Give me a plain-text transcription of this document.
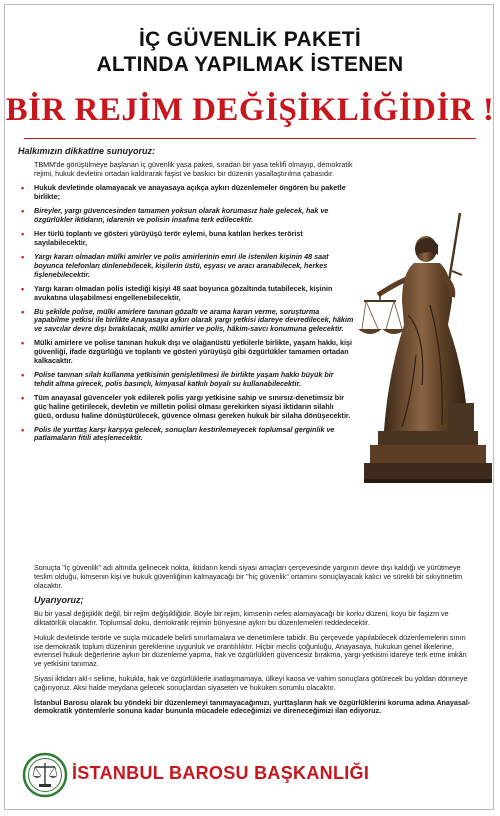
İÇ GÜVENLİK PAKETİ
ALTINDA YAPILMAK İSTENEN
BİR REJİM DEĞİŞİKLİĞİDİR !
Halkımızın dikkatine sunuyoruz:
TBMM'de görüşülmeye başlanan iç güvenlik yasa paketi, sıradan bir yasa teklifi olmayıp, demokratik rejimi, hukuk devletini ortadan kaldırarak faşist ve baskıcı bir düzenin yasallaştırılma çabasıdır.
• Hukuk devletinde olamayacak ve anayasaya açıkça aykırı düzenlemeler öngören bu paketle birlikte;
• Bireyler, yargı güvencesinden tamamen yoksun olarak korumasız hale gelecek, hak ve özgürlükler iktidarın, idarenin ve polisin insafına terk edilecektir.
• Her türlü toplantı ve gösteri yürüyüşü terör eylemi, buna katılan herkes terörist sayılabilecektir,
• Yargı kararı olmadan mülki amirler ve polis amirlerinin emri ile istenilen kişinin 48 saat boyunca telefonları dinlenebilecek, kişilerin üstü, eşyası ve aracı aranabilecek, herkes fişlenebilecektir.
• Yargı kararı olmadan polis istediği kişiyi 48 saat boyunca gözaltında tutabilecek, kişinin avukatına ulaşabilmesi engellenebilecektir,
• Bu şekilde polise, mülki amirlere tanınan gözaltı ve arama kararı verme, soruşturma yapabilme yetkisi ile birlikte Anayasaya aykırı olarak yargı yetkisi idareye devredilecek, hâkim ve savcılar devre dışı bırakılacak, mülki amirler ve polis, hâkim-savcı konumuna gelecektir.
• Mülki amirlere ve polise tanınan hukuk dışı ve olağanüstü yetkilerle birlikte, yaşam hakkı, kişi güvenliği, ifade özgürlüğü ve toplantı ve gösteri yürüyüşü gibi özgürlükler tamamen ortadan kalkacaktır.
• Polise tanınan silah kullanma yetkisinin genişletilmesi ile birlikte yaşam hakkı büyük bir tehdit altına girecek, polis basınçlı, kimyasal katkılı boyalı su kullanabilecektir.
• Tüm anayasal güvenceler yok edilerek polis yargı yetkisine sahip ve sınırsız-denetimsiz bir güç haline getirilecek, devletin ve milletin polisi olması gerekirken siyasi iktidarın silahlı gücü, ordusu haline dönüştürülecek, güvence olması gereken hukuk bir silaha dönüşecektir.
• Polis ile yurttaş karşı karşıya gelecek, sonuçları kestirilemeyecek toplumsal gerginlik ve patlamaların fitili ateşlenecektir.

Sonuçta "iç güvenlik" adı altında gelinecek nokta, iktidarın kendi siyasi amaçları çerçevesinde yargının devre dışı kaldığı ve yürütmeye teslim olduğu, kimsenin kişi ve hukuk güvenliğinin kalmayacağı bir "hiç güvenlik" ortamını sonuçlayacak kalıcı ve sürekli bir sıkıyönetim olacaktır.

Uyarıyoruz;

Bu bir yasal değişiklik değil, bir rejim değişikliğidir. Böyle bir rejim, kimsenin nefes alamayacağı bir korku düzeni, koyu bir faşizm ve diktatörlük olacaktır. Toplumsal doku, demokratik rejimin bünyesine aykırı bu düzenlemeleri reddedecektir.

Hukuk devletinde terörle ve suçla mücadele belirli sınırlamalara ve denetimlere tabidir. Bu çerçevede yapılabilecek düzenlemelerin sınırı ise demokratik toplum düzeninin gereklerine uygunluk ve orantılılıktır. Hiçbir meclis çoğunluğu, Anayasaya, hukukun genel ilkelerine, evrensel hukuk değerlerine aykırı bir düzenleme yapma, hak ve özgürlükleri güvencesiz bırakma, yargı yetkisini idareye terk etme imkân ve yetkisini tanımaz.

Siyasi iktidarı akl-ı selime, hukukla, hak ve özgürlüklerle inatlaşmamaya, ülkeyi kaosa ve vahim sonuçlara götürecek bu yoldan dönmeye çağırıyoruz. Aksi halde meydana gelecek sonuçlardan siyaseten ve hukuken sorumlu olacaktır.

İstanbul Barosu olarak bu yöndeki bir düzenlemeyi tanımayacağımızı, yurttaşların hak ve özgürlüklerini koruma adına Anayasal-demokratik yöntemlerle sonuna kadar bununla mücadele edeceğimizi ve direneceğimizi ilan ediyoruz.

İSTANBUL BAROSU BAŞKANLIĞI
